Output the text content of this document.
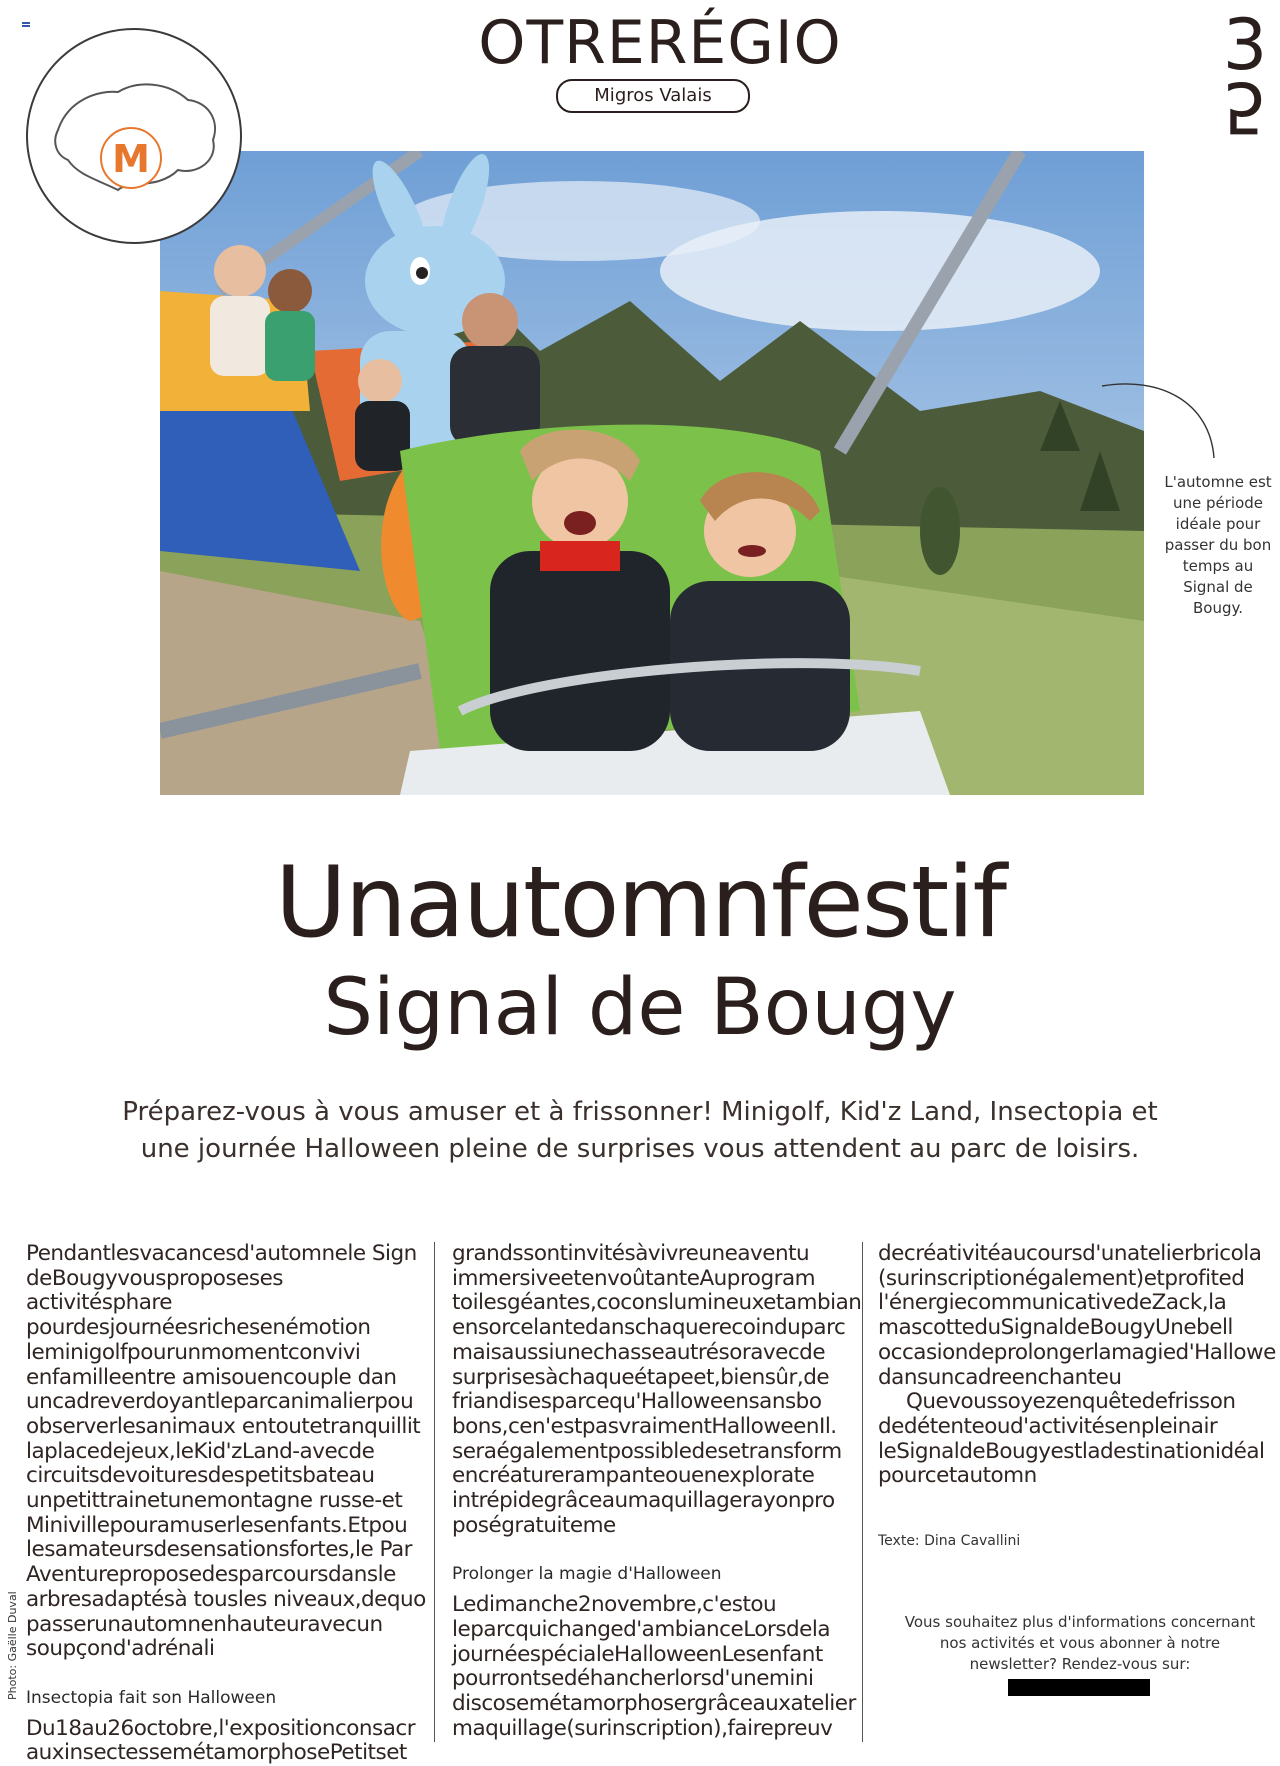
OTRERÉGIO
Migros Valais
3
5
M
L'automne est une période idéale pour passer du bon temps au Signal de Bougy.
Unautomnfestif
Signal de Bougy
Préparez-vous à vous amuser et à frissonner! Minigolf, Kid'z Land, Insectopia et une journée Halloween pleine de surprises vous attendent au parc de loisirs.

Pendantlesvacancesd'automnele Sign deBougyvousproposeses activitésphare pourdesjournéesrichesenémotion leminigolfpourunmomentconvivi enfamilleentre amisouencouple dan uncadreverdoyantleparcanimalierpou observerlesanimaux entoutetranquillit laplacedejeux,leKid'zLand-avecde circuitsdevoituresdespetitsbateau unpetittrainetunemontagne russe-et Minivillepouramuserlesenfants.Etpou lesamateursdesensationsfortes,le Par Aventureproposedesparcoursdansle arbresadaptésà tousles niveaux,dequo passerunautomnenhauteuravecun soupçond'adrénali

Insectopia fait son Halloween

Du18au26octobre,l'expositionconsacr auxinsectessemétamorphosePetitset

grandssontinvitésàvivreuneaventu immersiveetenvoûtanteAuprogram toilesgéantes,coconslumineuxetambian ensorcelantedanschaquerecoinduparc maisaussiunechasseautrésoravecde surprisesàchaqueétapeet,biensûr,de friandisesparcequ'Halloweensansbo bons,cen'estpasvraimentHalloweenIl. seraégalementpossibledesetransform encréaturerampanteouenexplorate intrépidegrâceaumaquillagerayonpro poségratuiteme

Prolonger la magie d'Halloween

Ledimanche2novembre,c'estou leparcquichanged'ambianceLorsdela journéespécialeHalloweenLesenfant pourrontsedéhancherlorsd'unemini discosemétamorphosergrâceauxatelier maquillage(surinscription),fairepreuv

decréativitéaucoursd'unatelierbricola (surinscriptionégalement)etprofited l'énergiecommunicativedeZack,la mascotteduSignaldeBougyUnebell occasiondeprolongerlamagied'Hallowe dansuncadreenchanteu

Quevoussoyezenquêtedefrisson dedétenteoud'activitésenpleinair leSignaldeBougyestladestinationidéal pourcetautomn

Texte: Dina Cavallini
Vous souhaitez plus d'informations concernant nos activités et vous abonner à notre newsletter? Rendez-vous sur:
Photo: Gaëlle Duval
